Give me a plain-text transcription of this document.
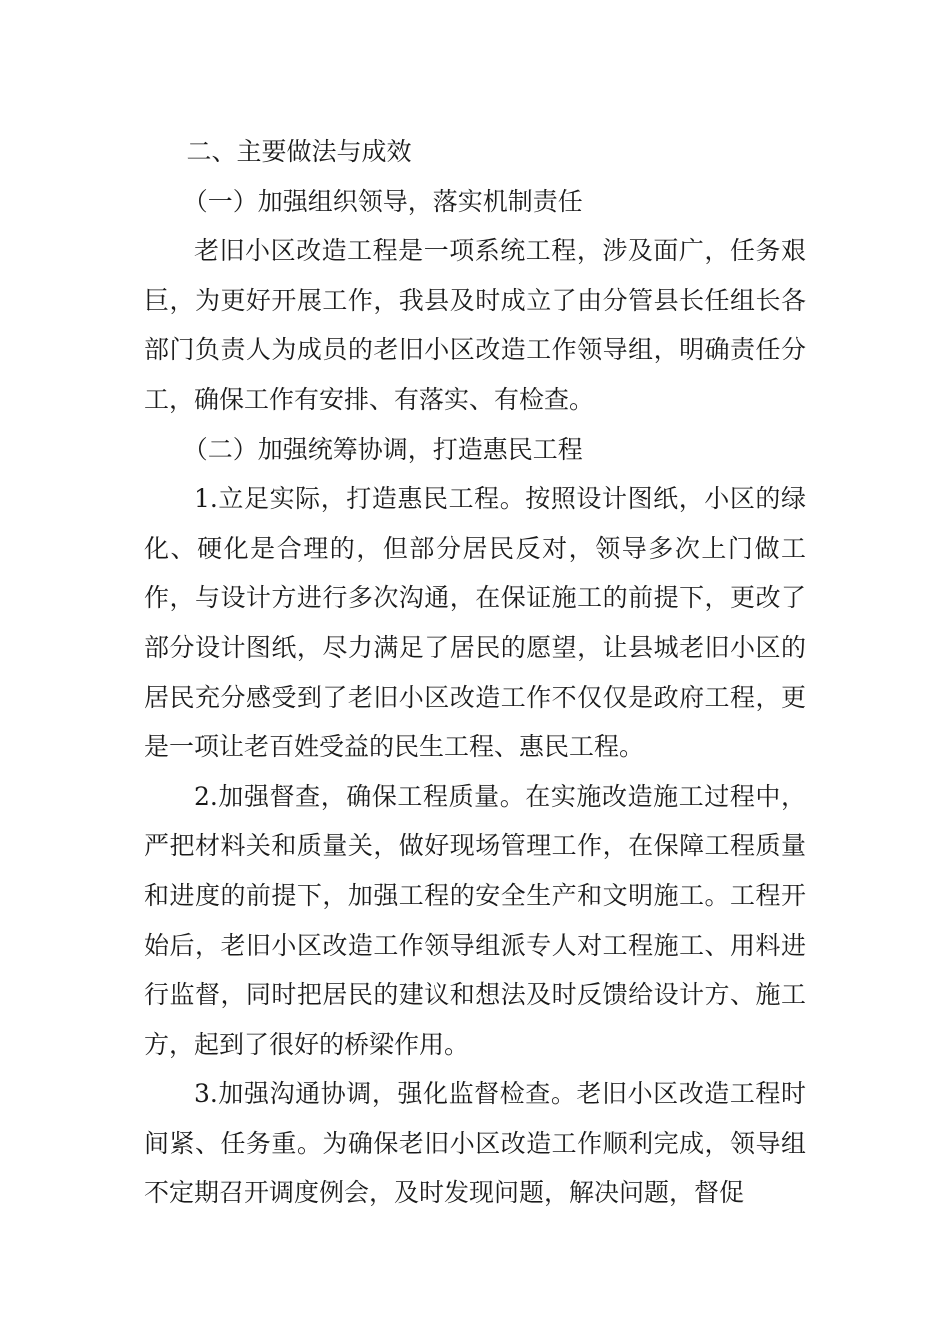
二、主要做法与成效

（一）加强组织领导，落实机制责任

老旧小区改造工程是一项系统工程，涉及面广，任务艰巨，为更好开展工作，我县及时成立了由分管县长任组长各部门负责人为成员的老旧小区改造工作领导组，明确责任分工，确保工作有安排、有落实、有检查。

（二）加强统筹协调，打造惠民工程

1.立足实际，打造惠民工程。按照设计图纸，小区的绿化、硬化是合理的，但部分居民反对，领导多次上门做工作，与设计方进行多次沟通，在保证施工的前提下，更改了部分设计图纸，尽力满足了居民的愿望，让县城老旧小区的居民充分感受到了老旧小区改造工作不仅仅是政府工程，更是一项让老百姓受益的民生工程、惠民工程。

2.加强督查，确保工程质量。在实施改造施工过程中，严把材料关和质量关，做好现场管理工作，在保障工程质量和进度的前提下，加强工程的安全生产和文明施工。工程开始后，老旧小区改造工作领导组派专人对工程施工、用料进行监督，同时把居民的建议和想法及时反馈给设计方、施工方，起到了很好的桥梁作用。

3.加强沟通协调，强化监督检查。老旧小区改造工程时间紧、任务重。为确保老旧小区改造工作顺利完成，领导组不定期召开调度例会，及时发现问题，解决问题，督促
